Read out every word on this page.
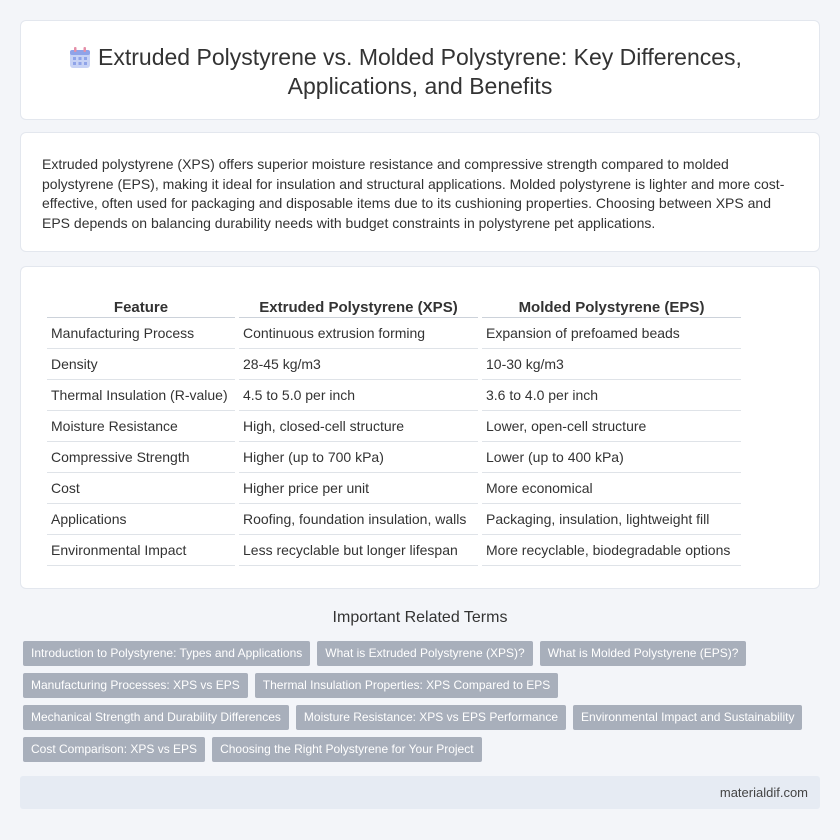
Extruded Polystyrene vs. Molded Polystyrene: Key Differences,
Applications, and Benefits

Extruded polystyrene (XPS) offers superior moisture resistance and compressive strength compared to molded polystyrene (EPS), making it ideal for insulation and structural applications. Molded polystyrene is lighter and more cost-effective, often used for packaging and disposable items due to its cushioning properties. Choosing between XPS and EPS depends on balancing durability needs with budget constraints in polystyrene pet applications.

Feature	Extruded Polystyrene (XPS)	Molded Polystyrene (EPS)
Manufacturing Process	Continuous extrusion forming	Expansion of prefoamed beads
Density	28-45 kg/m3	10-30 kg/m3
Thermal Insulation (R-value)	4.5 to 5.0 per inch	3.6 to 4.0 per inch
Moisture Resistance	High, closed-cell structure	Lower, open-cell structure
Compressive Strength	Higher (up to 700 kPa)	Lower (up to 400 kPa)
Cost	Higher price per unit	More economical
Applications	Roofing, foundation insulation, walls	Packaging, insulation, lightweight fill
Environmental Impact	Less recyclable but longer lifespan	More recyclable, biodegradable options
Important Related Terms
Introduction to Polystyrene: Types and Applications	What is Extruded Polystyrene (XPS)?	What is Molded Polystyrene (EPS)?
Manufacturing Processes: XPS vs EPS	Thermal Insulation Properties: XPS Compared to EPS
Mechanical Strength and Durability Differences	Moisture Resistance: XPS vs EPS Performance	Environmental Impact and Sustainability
Cost Comparison: XPS vs EPS	Choosing the Right Polystyrene for Your Project
materialdif.com
